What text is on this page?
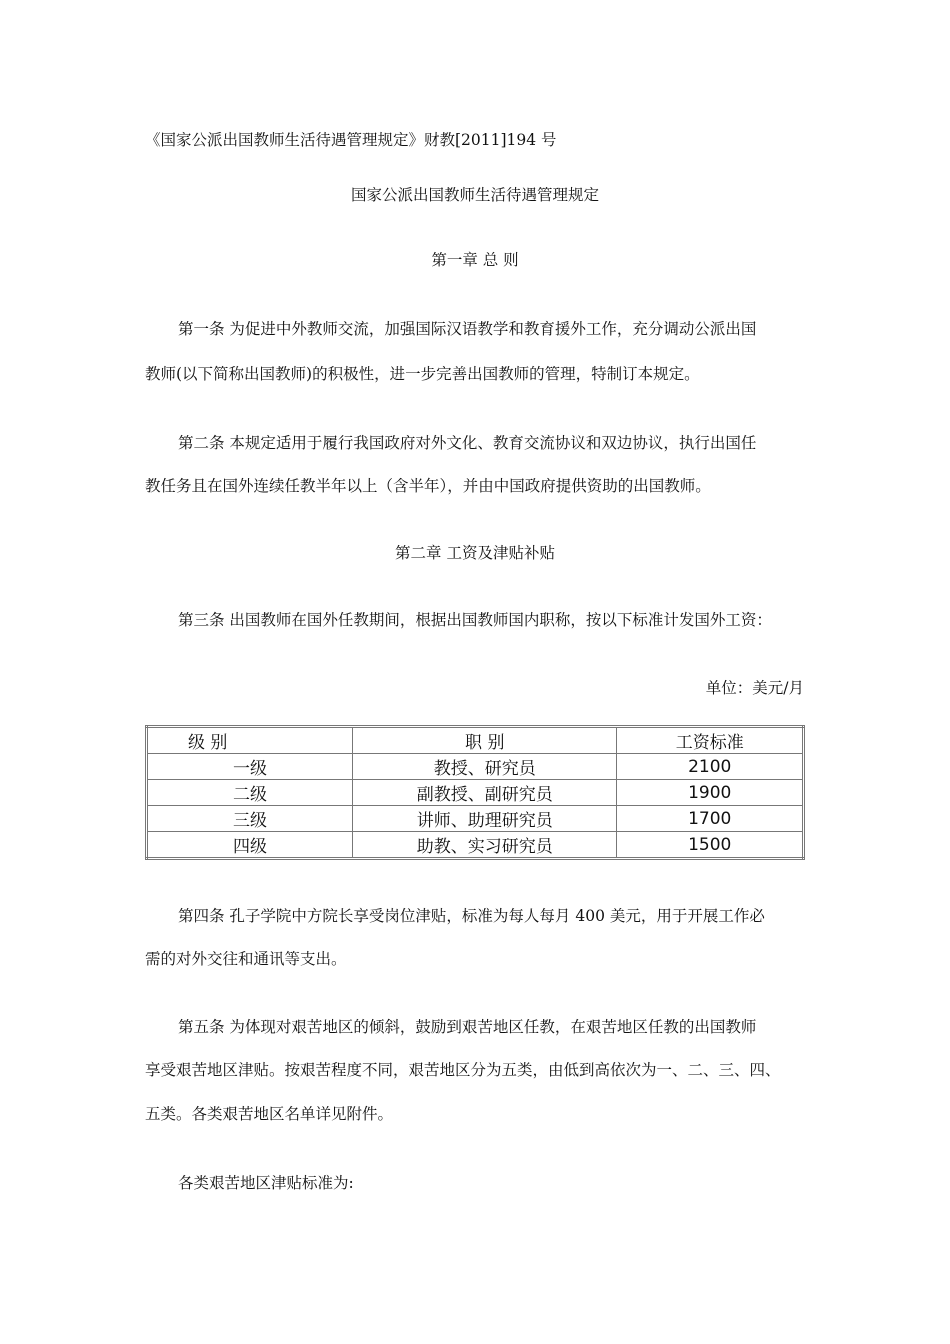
《国家公派出国教师生活待遇管理规定》财教[2011]194 号
国家公派出国教师生活待遇管理规定
第一章 总 则
第一条 为促进中外教师交流，加强国际汉语教学和教育援外工作，充分调动公派出国
教师(以下简称出国教师)的积极性，进一步完善出国教师的管理，特制订本规定。
第二条 本规定适用于履行我国政府对外文化、教育交流协议和双边协议，执行出国任
教任务且在国外连续任教半年以上（含半年），并由中国政府提供资助的出国教师。
第二章 工资及津贴补贴
第三条 出国教师在国外任教期间，根据出国教师国内职称，按以下标准计发国外工资：
单位：美元/月
级 别	职 别	工资标准
一级	教授、研究员	2100
二级	副教授、副研究员	1900
三级	讲师、助理研究员	1700
四级	助教、实习研究员	1500
第四条 孔子学院中方院长享受岗位津贴，标准为每人每月 400 美元，用于开展工作必
需的对外交往和通讯等支出。
第五条 为体现对艰苦地区的倾斜，鼓励到艰苦地区任教，在艰苦地区任教的出国教师
享受艰苦地区津贴。按艰苦程度不同，艰苦地区分为五类，由低到高依次为一、二、三、四、
五类。各类艰苦地区名单详见附件。
各类艰苦地区津贴标准为:
